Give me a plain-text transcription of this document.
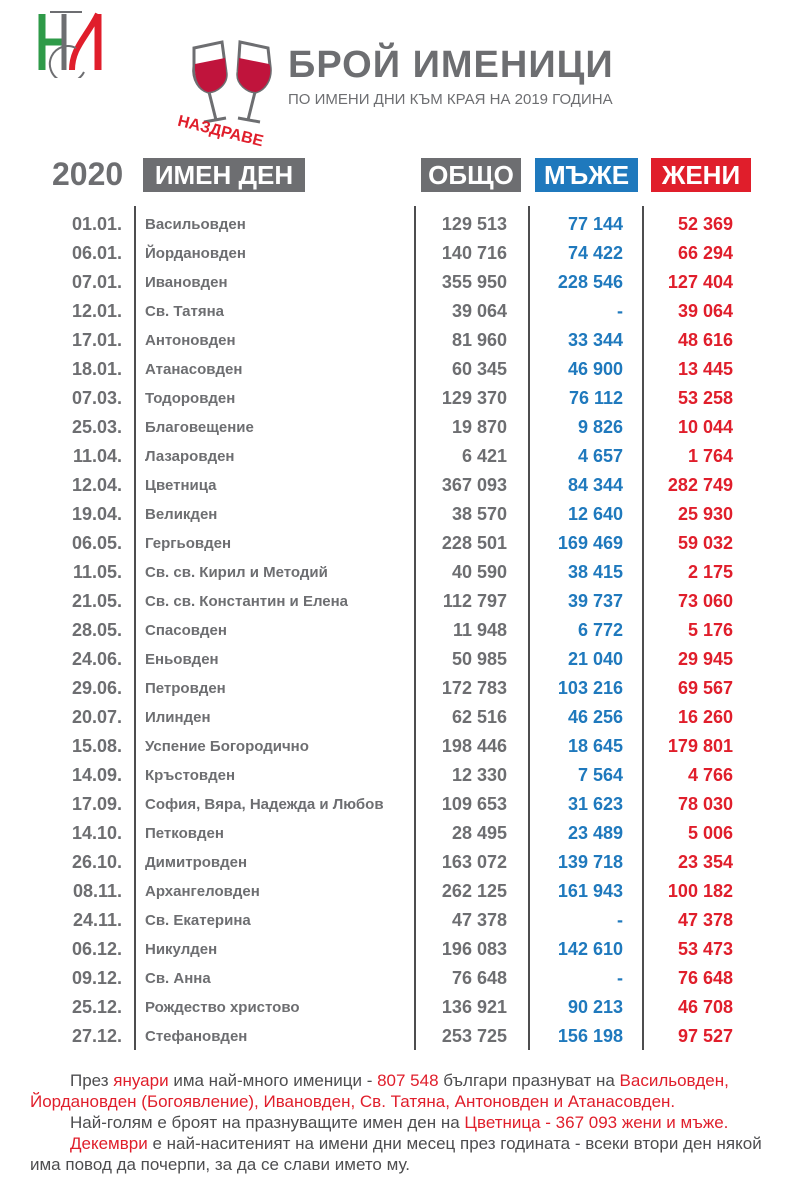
НАЗДРАВЕ
БРОЙ ИМЕНИЦИ
ПО ИМЕНИ ДНИ КЪМ КРАЯ НА 2019 ГОДИНА
2020	ИМЕН ДЕН	ОБЩО	МЪЖЕ	ЖЕНИ
01.01. Васильовден	129 513	77 144	52 369
06.01. Йордановден	140 716	74 422	66 294
07.01. Ивановден	355 950	228 546	127 404
12.01. Св. Татяна	39 064	-	39 064
17.01. Антоновден	81 960	33 344	48 616
18.01. Атанасовден	60 345	46 900	13 445
07.03. Тодоровден	129 370	76 112	53 258
25.03. Благовещение	19 870	9 826	10 044
11.04. Лазаровден	6 421	4 657	1 764
12.04. Цветница	367 093	84 344	282 749
19.04. Великден	38 570	12 640	25 930
06.05. Гергьовден	228 501	169 469	59 032
11.05. Св. св. Кирил и Методий	40 590	38 415	2 175
21.05. Св. св. Константин и Елена	112 797	39 737	73 060
28.05. Спасовден	11 948	6 772	5 176
24.06. Еньовден	50 985	21 040	29 945
29.06. Петровден	172 783	103 216	69 567
20.07. Илинден	62 516	46 256	16 260
15.08. Успение Богородично	198 446	18 645	179 801
14.09. Кръстовден	12 330	7 564	4 766
17.09. София, Вяра, Надежда и Любов	109 653	31 623	78 030
14.10. Петковден	28 495	23 489	5 006
26.10. Димитровден	163 072	139 718	23 354
08.11. Архангеловден	262 125	161 943	100 182
24.11. Св. Екатерина	47 378	-	47 378
06.12. Никулден	196 083	142 610	53 473
09.12. Св. Анна	76 648	-	76 648
25.12. Рождество христово	136 921	90 213	46 708
27.12. Стефановден	253 725	156 198	97 527

През януари има най-много именици - 807 548 българи празнуват на Васильовден, Йордановден (Богоявление), Ивановден, Св. Татяна, Антоновден и Атанасовден.

Най-голям е броят на празнуващите имен ден на Цветница - 367 093 жени и мъже.

Декември е най-наситеният на имени дни месец през годината - всеки втори ден някой има повод да почерпи, за да се слави името му.
